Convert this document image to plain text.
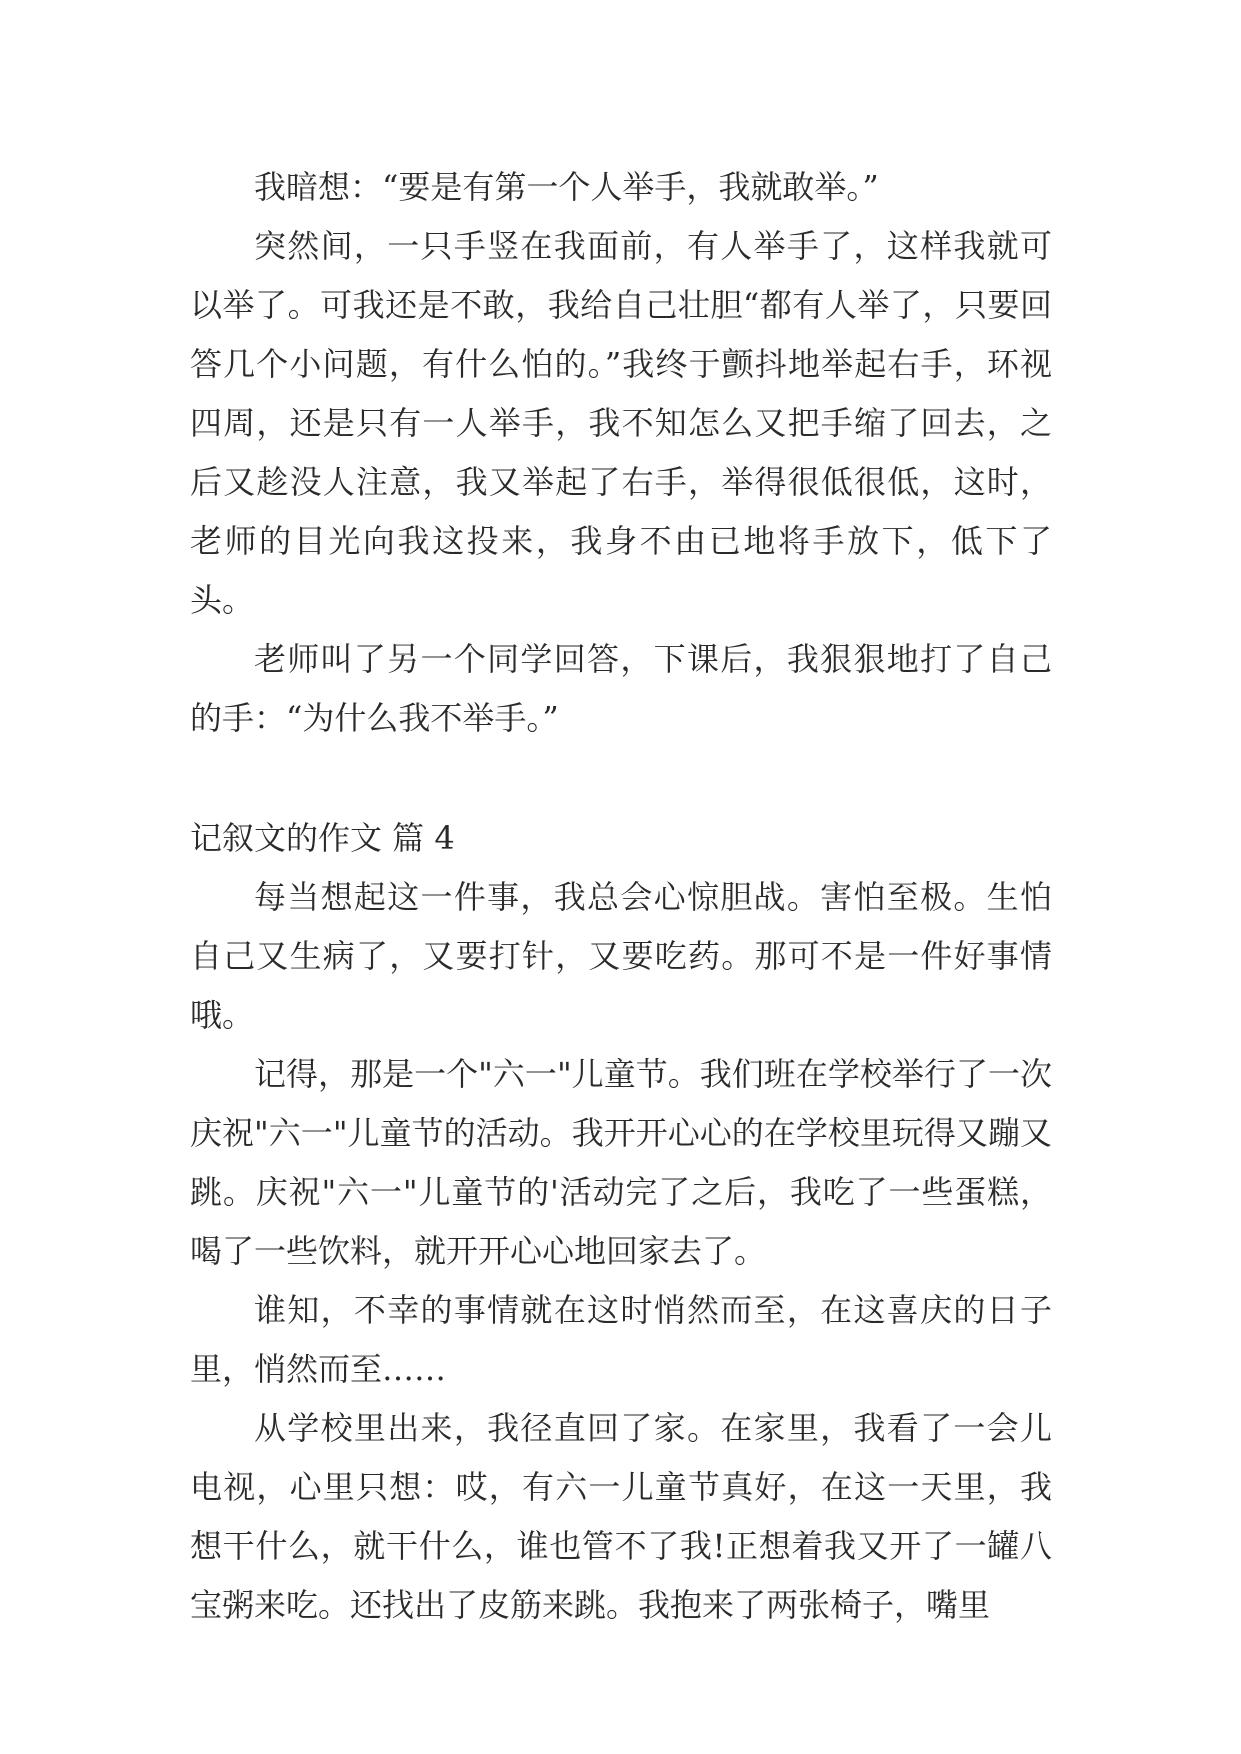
我暗想：“要是有第一个人举手，我就敢举。”

突然间，一只手竖在我面前，有人举手了，这样我就可以举了。可我还是不敢，我给自己壮胆“都有人举了，只要回答几个小问题，有什么怕的。”我终于颤抖地举起右手，环视四周，还是只有一人举手，我不知怎么又把手缩了回去，之后又趁没人注意，我又举起了右手，举得很低很低，这时，老师的目光向我这投来，我身不由已地将手放下，低下了头。

老师叫了另一个同学回答，下课后，我狠狠地打了自己的手：“为什么我不举手。”

记叙文的作文 篇 4

每当想起这一件事，我总会心惊胆战。害怕至极。生怕自己又生病了，又要打针，又要吃药。那可不是一件好事情哦。

记得，那是一个"六一"儿童节。我们班在学校举行了一次庆祝"六一"儿童节的活动。我开开心心的在学校里玩得又蹦又跳。庆祝"六一"儿童节的'活动完了之后，我吃了一些蛋糕，喝了一些饮料，就开开心心地回家去了。

谁知，不幸的事情就在这时悄然而至，在这喜庆的日子里，悄然而至……

从学校里出来，我径直回了家。在家里，我看了一会儿电视，心里只想：哎，有六一儿童节真好，在这一天里，我想干什么，就干什么，谁也管不了我!正想着我又开了一罐八宝粥来吃。还找出了皮筋来跳。我抱来了两张椅子，嘴里
